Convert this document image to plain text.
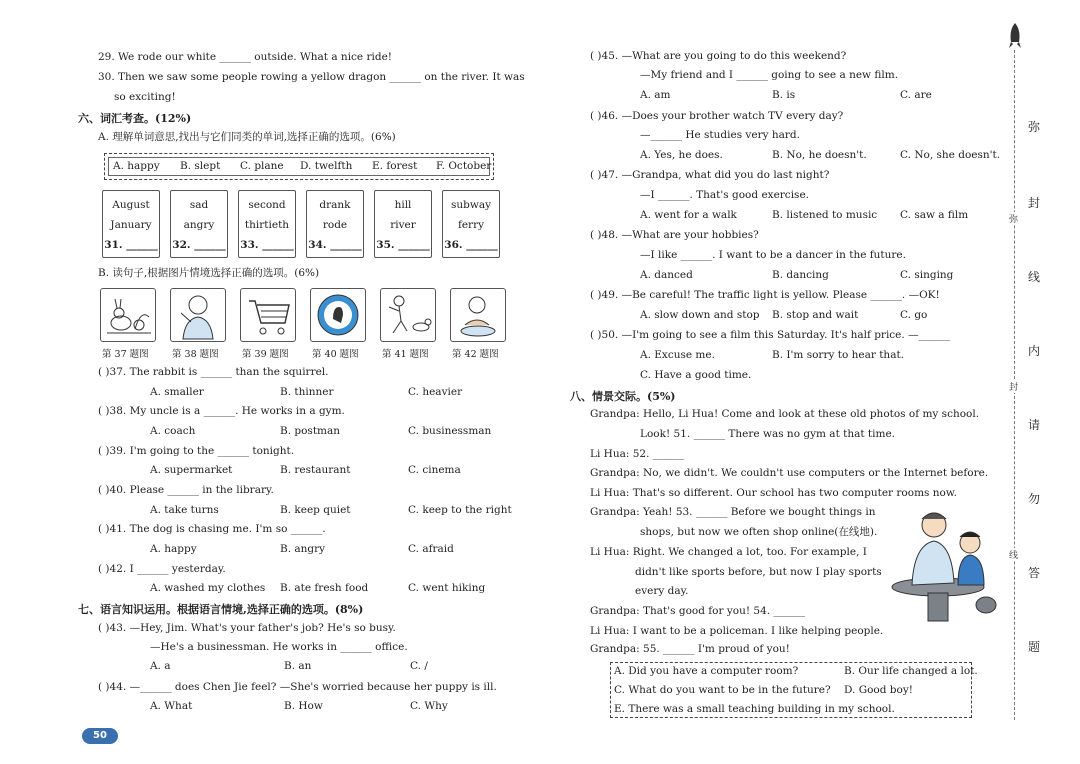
29. We rode our white ______ outside. What a nice ride!
30. Then we saw some people rowing a yellow dragon ______ on the river. It was
so exciting!
六、词汇考查。(12%)
A. 理解单词意思,找出与它们同类的单词,选择正确的选项。(6%)
A. happy B. slept C. plane D. twelfth E. forest F. October
August
January
31. ______
sad
angry
32. ______
second
thirtieth
33. ______
drank
rode
34. ______
hill
river
35. ______
subway
ferry
36. ______
B. 读句子,根据图片情境选择正确的选项。(6%)
第 37 题图 第 38 题图 第 39 题图 第 40 题图 第 41 题图 第 42 题图
( )37. The rabbit is ______ than the squirrel.
A. smaller	B. thinner	C. heavier
( )38. My uncle is a ______. He works in a gym.
A. coach	B. postman	C. businessman
( )39. I'm going to the ______ tonight.
A. supermarket	B. restaurant	C. cinema
( )40. Please ______ in the library.
A. take turns	B. keep quiet	C. keep to the right
( )41. The dog is chasing me. I'm so ______.
A. happy	B. angry	C. afraid
( )42. I ______ yesterday.
A. washed my clothes B. ate fresh food	C. went hiking
七、语言知识运用。根据语言情境,选择正确的选项。(8%)
( )43. —Hey, Jim. What's your father's job? He's so busy.
—He's a businessman. He works in ______ office.
A. a	B. an	C. /
( )44. —______ does Chen Jie feel? —She's worried because her puppy is ill.
A. What	B. How	C. Why
50
( )45. —What are you going to do this weekend?
—My friend and I ______ going to see a new film.
A. am	B. is	C. are
( )46. —Does your brother watch TV every day?
—______ He studies very hard.
A. Yes, he does.	B. No, he doesn't.	C. No, she doesn't.
( )47. —Grandpa, what did you do last night?
—I ______. That's good exercise.
A. went for a walk	B. listened to music C. saw a film
( )48. —What are your hobbies?
—I like ______. I want to be a dancer in the future.
A. danced	B. dancing	C. singing
( )49. —Be careful! The traffic light is yellow. Please ______. —OK!
A. slow down and stop B. stop and wait	C. go
( )50. —I'm going to see a film this Saturday. It's half price. —______
A. Excuse me.	B. I'm sorry to hear that.
C. Have a good time.
八、情景交际。(5%)
Grandpa: Hello, Li Hua! Come and look at these old photos of my school.
Look! 51. ______ There was no gym at that time.
Li Hua: 52. ______
Grandpa: No, we didn't. We couldn't use computers or the Internet before.
Li Hua: That's so different. Our school has two computer rooms now.
Grandpa: Yeah! 53. ______ Before we bought things in
shops, but now we often shop online(在线地).
Li Hua: Right. We changed a lot, too. For example, I
didn't like sports before, but now I play sports
every day.
Grandpa: That's good for you! 54. ______
Li Hua: I want to be a policeman. I like helping people.
Grandpa: 55. ______ I'm proud of you!
A. Did you have a computer room?	B. Our life changed a lot.
C. What do you want to be in the future? D. Good boy!
E. There was a small teaching building in my school.
弥
封
线
内
请
勿
答
题
弥
封
线
